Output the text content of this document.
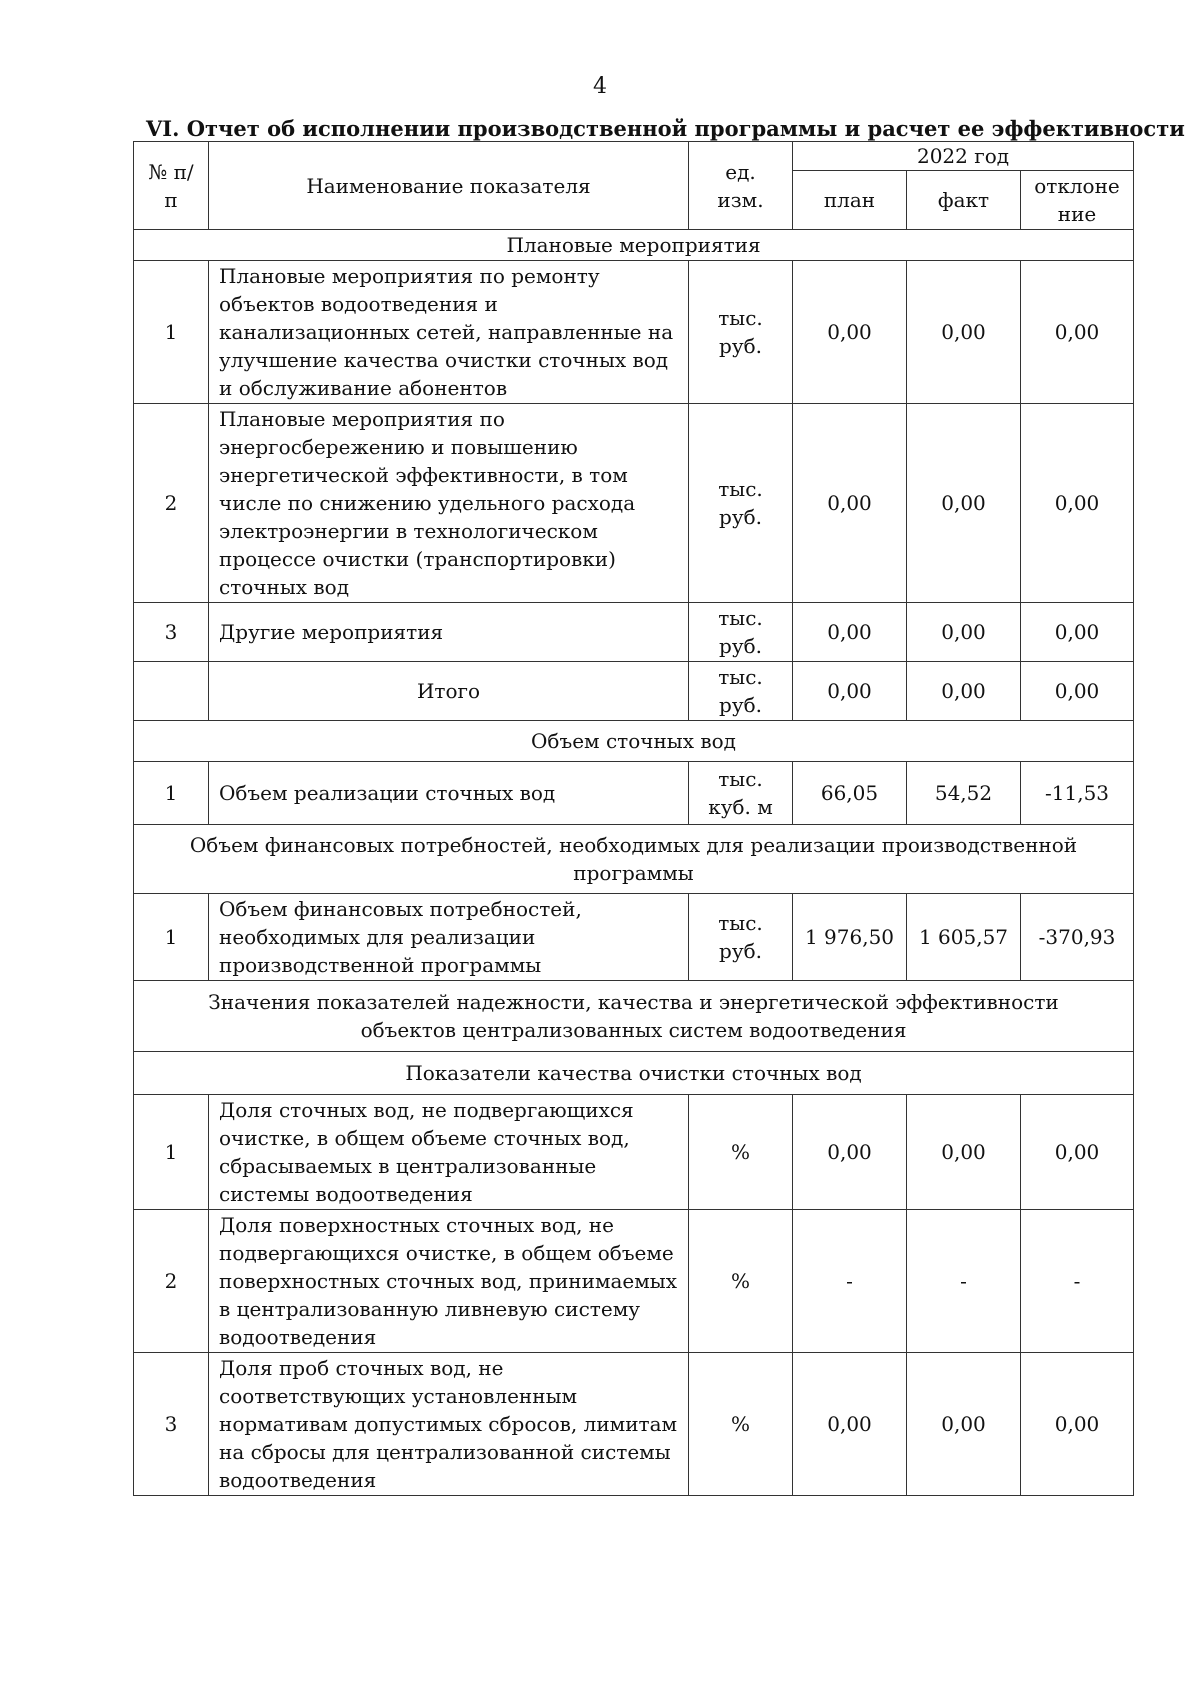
4
VI. Отчет об исполнении производственной программы и расчет ее эффективности
№ п/п	Наименование показателя	ед. изм.	2022 год		
			план	факт	отклоне ние
Плановые мероприятия					
1	Плановые мероприятия по ремонту объектов водоотведения и канализационных сетей, направленные на улучшение качества очистки сточных вод и обслуживание абонентов	тыс. руб.	0,00	0,00	0,00
2	Плановые мероприятия по энергосбережению и повышению энергетической эффективности, в том числе по снижению удельного расхода электроэнергии в технологическом процессе очистки (транспортировки) сточных вод	тыс. руб.	0,00	0,00	0,00
3	Другие мероприятия	тыс. руб.	0,00	0,00	0,00
	Итого	тыс. руб.	0,00	0,00	0,00
Объем сточных вод					
1	Объем реализации сточных вод	тыс. куб. м	66,05	54,52	-11,53
Объем финансовых потребностей, необходимых для реализации производственной программы					
1	Объем финансовых потребностей, необходимых для реализации производственной программы	тыс. руб.	1 976,50	1 605,57	-370,93
Значения показателей надежности, качества и энергетической эффективности объектов централизованных систем водоотведения					
Показатели качества очистки сточных вод					
1	Доля сточных вод, не подвергающихся очистке, в общем объеме сточных вод, сбрасываемых в централизованные системы водоотведения	%	0,00	0,00	0,00
2	Доля поверхностных сточных вод, не подвергающихся очистке, в общем объеме поверхностных сточных вод, принимаемых в централизованную ливневую систему водоотведения	%	-	-	-
3	Доля проб сточных вод, не соответствующих установленным нормативам допустимых сбросов, лимитам на сбросы для централизованной системы водоотведения	%	0,00	0,00	0,00
